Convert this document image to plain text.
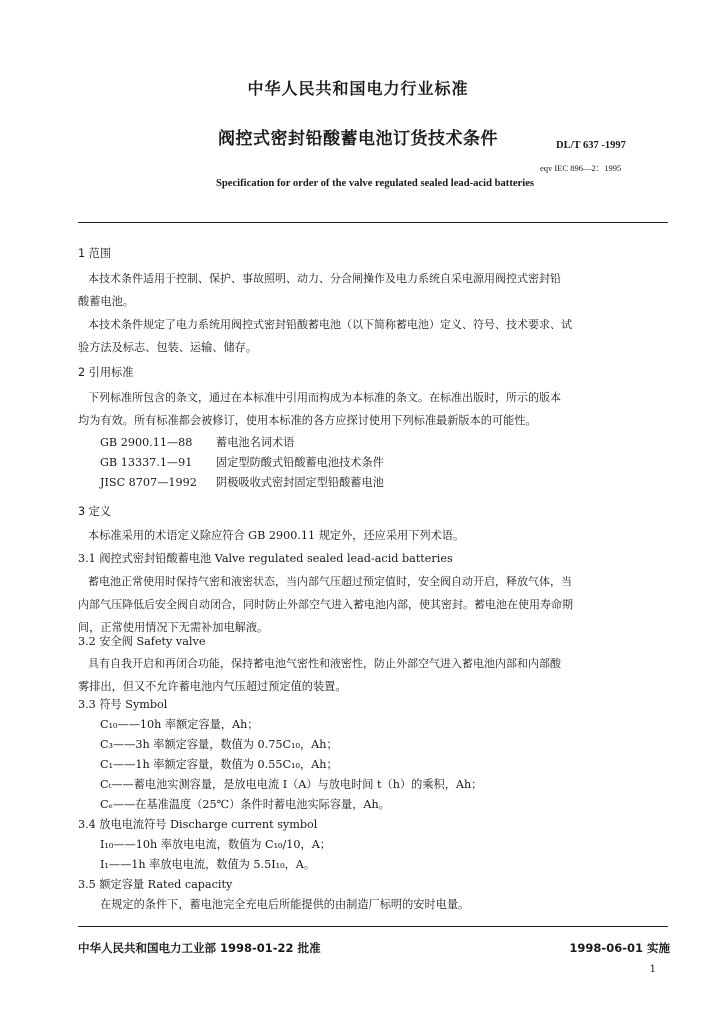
中华人民共和国电力行业标准
阀控式密封铅酸蓄电池订货技术条件	DL/T 637 -1997
eqv IEC 896—2：1995
Specification for order of the valve regulated sealed lead-acid batteries
1 范围
本技术条件适用于控制、保护、事故照明、动力、分合闸操作及电力系统自采电源用阀控式密封铅
酸蓄电池。
本技术条件规定了电力系统用阀控式密封铅酸蓄电池（以下简称蓄电池）定义、符号、技术要求、试
验方法及标志、包装、运输、储存。
2 引用标准
下列标准所包含的条文，通过在本标准中引用而构成为本标准的条文。在标准出版时，所示的版本
均为有效。所有标准都会被修订，使用本标准的各方应探讨使用下列标准最新版本的可能性。
GB 2900.11—88 蓄电池名词术语
GB 13337.1—91 固定型防酸式铅酸蓄电池技术条件
JISC 8707—1992 阴极吸收式密封固定型铅酸蓄电池
3 定义
本标准采用的术语定义除应符合 GB 2900.11 规定外，还应采用下列术语。
3.1 阀控式密封铅酸蓄电池 Valve regulated sealed lead-acid batteries
蓄电池正常使用时保持气密和液密状态，当内部气压超过预定值时，安全阀自动开启，释放气体，当
内部气压降低后安全阀自动闭合，同时防止外部空气进入蓄电池内部，使其密封。蓄电池在使用寿命期
间，正常使用情况下无需补加电解液。
3.2 安全阀 Safety valve
具有自我开启和再闭合功能，保持蓄电池气密性和液密性，防止外部空气进入蓄电池内部和内部酸
雾排出，但又不允许蓄电池内气压超过预定值的装置。
3.3 符号 Symbol
C₁₀——10h 率额定容量，Ah；
C₃——3h 率额定容量，数值为 0.75C₁₀，Ah；
C₁——1h 率额定容量，数值为 0.55C₁₀，Ah；
Cₜ——蓄电池实测容量，是放电电流 I（A）与放电时间 t（h）的乘积，Ah；
Cₑ——在基准温度（25℃）条件时蓄电池实际容量，Ah。
3.4 放电电流符号 Discharge current symbol
I₁₀——10h 率放电电流，数值为 C₁₀/10，A；
I₁——1h 率放电电流，数值为 5.5I₁₀，A。
3.5 额定容量 Rated capacity
在规定的条件下，蓄电池完全充电后所能提供的由制造厂标明的安时电量。
中华人民共和国电力工业部 1998-01-22 批准	1998-06-01 实施
1
